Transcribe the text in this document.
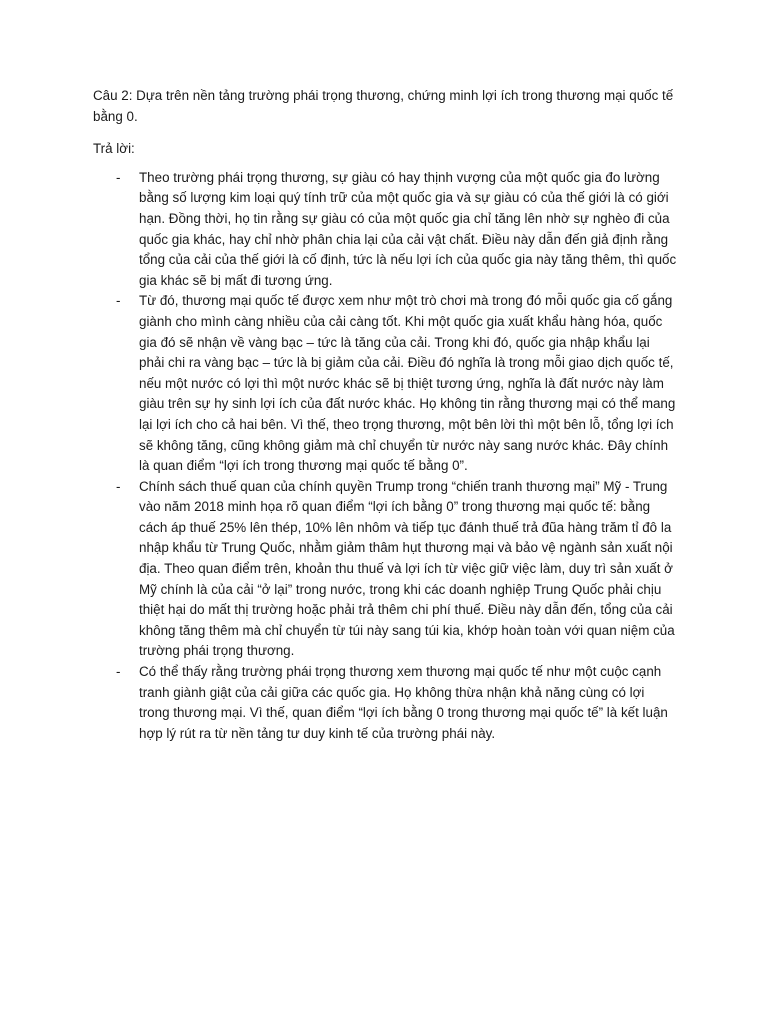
Câu 2: Dựa trên nền tảng trường phái trọng thương, chứng minh lợi ích trong thương mại quốc tế bằng 0.

Trả lời:

- Theo trường phái trọng thương, sự giàu có hay thịnh vượng của một quốc gia đo lường bằng số lượng kim loại quý tính trữ của một quốc gia và sự giàu có của thế giới là có giới hạn. Đồng thời, họ tin rằng sự giàu có của một quốc gia chỉ tăng lên nhờ sự nghèo đi của quốc gia khác, hay chỉ nhờ phân chia lại của cải vật chất. Điều này dẫn đến giả định rằng tổng của cải của thế giới là cố định, tức là nếu lợi ích của quốc gia này tăng thêm, thì quốc gia khác sẽ bị mất đi tương ứng.
- Từ đó, thương mại quốc tế được xem như một trò chơi mà trong đó mỗi quốc gia cố gắng giành cho mình càng nhiều của cải càng tốt. Khi một quốc gia xuất khẩu hàng hóa, quốc gia đó sẽ nhận về vàng bạc – tức là tăng của cải. Trong khi đó, quốc gia nhập khẩu lại phải chi ra vàng bạc – tức là bị giảm của cải. Điều đó nghĩa là trong mỗi giao dịch quốc tế, nếu một nước có lợi thì một nước khác sẽ bị thiệt tương ứng, nghĩa là đất nước này làm giàu trên sự hy sinh lợi ích của đất nước khác. Họ không tin rằng thương mại có thể mang lại lợi ích cho cả hai bên. Vì thế, theo trọng thương, một bên lời thì một bên lỗ, tổng lợi ích sẽ không tăng, cũng không giảm mà chỉ chuyển từ nước này sang nước khác. Đây chính là quan điểm “lợi ích trong thương mại quốc tế bằng 0”.
- Chính sách thuế quan của chính quyền Trump trong “chiến tranh thương mại” Mỹ - Trung vào năm 2018 minh họa rõ quan điểm “lợi ích bằng 0” trong thương mại quốc tế: bằng cách áp thuế 25% lên thép, 10% lên nhôm và tiếp tục đánh thuế trả đũa hàng trăm tỉ đô la nhập khẩu từ Trung Quốc, nhằm giảm thâm hụt thương mại và bảo vệ ngành sản xuất nội địa. Theo quan điểm trên, khoản thu thuế và lợi ích từ việc giữ việc làm, duy trì sản xuất ở Mỹ chính là của cải “ở lại” trong nước, trong khi các doanh nghiệp Trung Quốc phải chịu thiệt hại do mất thị trường hoặc phải trả thêm chi phí thuế. Điều này dẫn đến, tổng của cải không tăng thêm mà chỉ chuyển từ túi này sang túi kia, khớp hoàn toàn với quan niệm của trường phái trọng thương.
- Có thể thấy rằng trường phái trọng thương xem thương mại quốc tế như một cuộc cạnh tranh giành giật của cải giữa các quốc gia. Họ không thừa nhận khả năng cùng có lợi trong thương mại. Vì thế, quan điểm “lợi ích bằng 0 trong thương mại quốc tế” là kết luận hợp lý rút ra từ nền tảng tư duy kinh tế của trường phái này.
